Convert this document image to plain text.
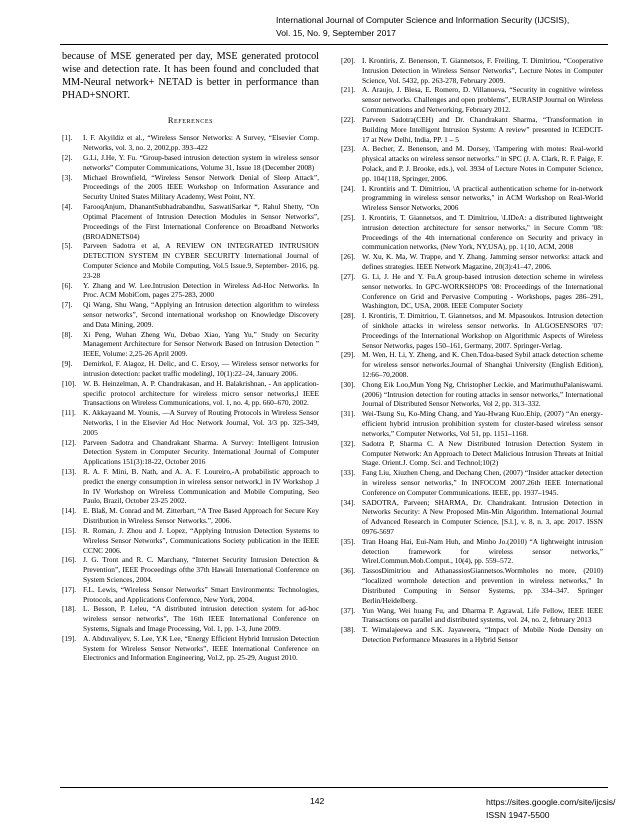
International Journal of Computer Science and Information Security (IJCSIS),
Vol. 15, No. 9, September 2017

because of MSE generated per day, MSE generated protocol wise and detection rate. It has been found and concluded that MM-Neural network+ NETAD is better in performance than PHAD+SNORT.

References
[1].	I. F. Akyildiz et al., “Wireless Sensor Networks: A Survey, “Elsevier Comp. Networks, vol. 3, no. 2, 2002,pp. 393–422
[2].	G.Li, J.He, Y. Fu. “Group-based intrusion detection system in wireless sensor networks” Computer Communications, Volume 31, Issue 18 (December 2008)
[3].	Michael Brownfield, “Wireless Sensor Network Denial of Sleep Attack”, Proceedings of the 2005 IEEE Workshop on Information Assurance and Security United States Military Academy, West Point, NY.
[4].	FarooqAnjum, DhanantSubhadrabandhu, SaswatiSarkar *, Rahul Shetty, “On Optimal Placement of Intrusion Detection Modules in Sensor Networks”, Proceedings of the First International Conference on Broadband Networks (BROADNETS04)
[5].	Parveen Sadotra et al, A REVIEW ON INTEGRATED INTRUSION DETECTION SYSTEM IN CYBER SECURITY International Journal of Computer Science and Mobile Computing, Vol.5 Issue.9, September- 2016, pg. 23-28
[6].	Y. Zhang and W. Lee.Intrusion Detection in Wireless Ad-Hoc Networks. In Proc. ACM MobiCom, pages 275-283, 2000
[7].	Qi Wang, Shu Wang, “Applying an Intrusion detection algorithm to wireless sensor networks”, Second international workshop on Knowledge Discovery and Data Mining, 2009.
[8].	Xi Peng, Wuhan Zheng Wu, Debao Xiao, Yang Yu,” Study on Security Management Architecture for Sensor Network Based on Intrusion Detection ” IEEE, Volume: 2,25-26 April 2009.
[9].	Demirkol, F. Alagoz, H. Delic, and C. Ersoy, ― Wireless sensor networks for intrusion detection: packet traffic modelingl, 10(1):22–24, January 2006.
[10]. W. B. Heinzelman, A. P. Chandrakasan, and H. Balakrishnan, - An application-specific protocol architecture for wireless micro sensor networks,l IEEE Transactions on Wireless Communications, vol. 1, no. 4, pp. 660–670, 2002.
[11]. K. Akkayaand M. Younis, ―A Survey of Routing Protocols in Wireless Sensor Networks, l in the Elsevier Ad Hoc Network Journal, Vol. 3/3 pp. 325-349, 2005
[12]. Parveen Sadotra and Chandrakant Sharma. A Survey: Intelligent Intrusion Detection System in Computer Security. International Journal of Computer Applications 151(3):18-22, October 2016
[13]. R. A. F. Mini, B. Nath, and A. A. F. Loureiro,-A probabilistic approach to predict the energy consumption in wireless sensor network,l in IV Workshop ,l In IV Workshop on Wireless Communication and Mobile Computing, Seo Paulo, Brazil, October 23-25 2002.
[14]. E. Blaß, M. Conrad and M. Zitterbart, “A Tree Based Approach for Secure Key Distribution in Wireless Sensor Networks.”, 2006.
[15]. R. Roman, J. Zhou and J. Lopez, “Applying Intrusion Detection Systems to Wireless Sensor Networks”, Communications Society publication in the IEEE CCNC 2006.
[16]. J. G. Tront and R. C. Marchany, “Internet Security Intrusion Detection & Prevention”, IEEE Proceedings ofthe 37th Hawaii International Conference on System Sciences, 2004.
[17]. F.L. Lewis, “Wireless Sensor Networks” Smart Environments: Technologies, Protocols, and Applications Conference, New York, 2004.
[18]. L. Besson, P. Leleu, “A distributed intrusion detection system for ad-hoc wireless sensor networks”, The 16th IEEE International Conference on Systems, Signals and Image Processing, Vol. 1, pp. 1-3, June 2009.
[19]. A. Abduvaliyev, S. Lee, Y.K Lee, “Energy Efficient Hybrid Intrusion Detection System for Wireless Sensor Networks”, IEEE International Conference on Electronics and Information Engineering, Vol.2, pp. 25-29, August 2010.
[20]. I. Krontiris, Z. Benenson, T. Giannetsos, F. Freiling, T. Dimitriou, “Cooperative Intrusion Detection in Wireless Sensor Networks”, Lecture Notes in Computer Science, Vol. 5432, pp. 263-278, February 2009.
[21]. A. Araujo, J. Blesa, E. Romero, D. Villanueva, “Security in cognitive wireless sensor networks. Challenges and open problems”, EURASIP Journal on Wireless Communications and Networking, February 2012.
[22]. Parveen Sadotra(CEH) and Dr. Chandrakant Sharma, “Transformation in Building More Intelligent Intrusion System: A review” presented in ICEDCIT- 17 at New Delhi, India, PP. 1 – 5
[23]. A. Becher, Z. Benenson, and M. Dorsey, \Tampering with motes: Real-world physical attacks on wireless sensor networks." in SPC (J. A. Clark, R. F. Paige, F. Polack, and P. J. Brooke, eds.), vol. 3934 of Lecture Notes in Computer Science, pp. 104{118, Springer, 2006.
[24]. I. Krontiris and T. Dimitriou, \A practical authentication scheme for in-network programming in wireless sensor networks," in ACM Workshop on Real-World Wireless Sensor Networks, 2006
[25]. I. Krontiris, T. Giannetsos, and T. Dimitriou, \LIDeA: a distributed lightweight intrusion detection architecture for sensor networks," in Secure Comm '08: Proceedings of the 4th international conference on Security and privacy in communication networks, (New York, NY,USA), pp. 1{10, ACM, 2008
[26]. W. Xu, K. Ma, W. Trappe, and Y. Zhang. Jamming sensor networks: attack and defines strategies. IEEE Network Magazine, 20(3):41–47, 2006.
[27]. G. Li, J. He and Y. Fu.A group-based intrusion detection scheme in wireless sensor networks. In GPC-WORKSHOPS '08: Proceedings of the International Conference on Grid and Pervasive Computing - Workshops, pages 286–291, Washington, DC, USA, 2008. IEEE Computer Society
[28]. I. Krontiris, T. Dimitriou, T. Giannetsos, and M. Mpasoukos. Intrusion detection of sinkhole attacks in wireless sensor networks. In ALGOSENSORS '07: Proceedings of the International Workshop on Algorithmic Aspects of Wireless Sensor Networks, pages 150–161, Germany, 2007. Springer-Verlag.
[29]. M. Wen, H. Li, Y. Zheng, and K. Chen.Tdoa-based Sybil attack detection scheme for wireless sensor networks.Journal of Shanghai University (English Edition), 12:66–70,2008.
[30]. Chong Eik Loo,Mun Yong Ng, Christopher Leckie, and MarimuthuPalaniswami.(2006) “Intrusion detection for routing attacks in sensor networks,” International Journal of Distributed Sensor Networks, Vol 2, pp. 313–332.
[31]. Wei-Tsung Su, Ko-Ming Chang, and Yau-Hwang Kuo.Ehip, (2007) “An energy-efficient hybrid intrusion prohibition system for cluster-based wireless sensor networks,” Computer Networks, Vol 51, pp. 1151–1168.
[32]. Sadotra P, Sharma C. A New Distributed Intrusion Detection System in Computer Network: An Approach to Detect Malicious Intrusion Threats at Initial Stage. Orient.J. Comp. Sci. and Technol;10(2)
[33]. Fang Liu, Xiuzhen Cheng, and Dechang Chen, (2007) “Insider attacker detection in wireless sensor networks,” In INFOCOM 2007.26th IEEE International Conference on Computer Communications. IEEE, pp. 1937–1945.
[34]. SADOTRA, Parveen; SHARMA, Dr. Chandrakant. Intrusion Detection in Networks Security: A New Proposed Min-Min Algorithm. International Journal of Advanced Research in Computer Science, [S.l.], v. 8, n. 3, apr. 2017. ISSN 0976-5697
[35]. Tran Hoang Hai, Eui-Nam Huh, and Minho Jo.(2010) “A lightweight intrusion detection framework for wireless sensor networks,” Wirel.Commun.Mob.Comput., 10(4), pp. 559–572.
[36]. TassosDimitriou and AthanassiosGiannetsos.Wormholes no more, (2010) “localized wormhole detection and prevention in wireless networks,” In Distributed Computing in Sensor Systems, pp. 334–347. Springer Berlin/Heidelberg.
[37]. Yun Wang, Wei huang Fu, and Dharma P. Agrawal, Life Fellow, IEEE IEEE Transactions on parallel and distributed systems, vol. 24, no. 2, february 2013
[38]. T. Wimalajeewa and S.K. Jayaweera, “Impact of Mobile Node Density on Detection Performance Measures in a Hybrid Sensor
142	https://sites.google.com/site/ijcsis/
ISSN 1947-5500
